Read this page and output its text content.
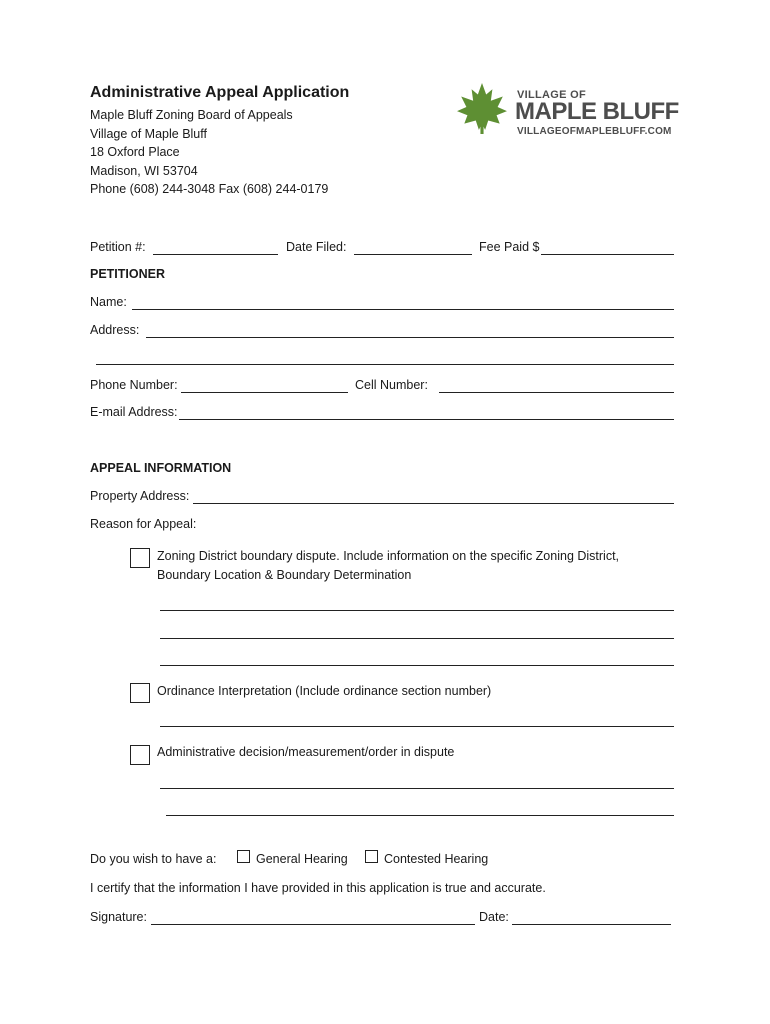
Administrative Appeal Application
Maple Bluff Zoning Board of Appeals
Village of Maple Bluff
18 Oxford Place
Madison, WI 53704
Phone (608) 244-3048 Fax (608) 244-0179
VILLAGE OF
MAPLE BLUFF
VILLAGEOFMAPLEBLUFF.COM
Petition #:	Date Filed:	Fee Paid $
PETITIONER
Name:
Address:
Phone Number:	Cell Number:
E-mail Address:
APPEAL INFORMATION
Property Address:
Reason for Appeal:
Zoning District boundary dispute. Include information on the specific Zoning District,
Boundary Location & Boundary Determination
Ordinance Interpretation (Include ordinance section number)
Administrative decision/measurement/order in dispute
Do you wish to have a:	General Hearing	Contested Hearing
I certify that the information I have provided in this application is true and accurate.
Signature:	Date:
